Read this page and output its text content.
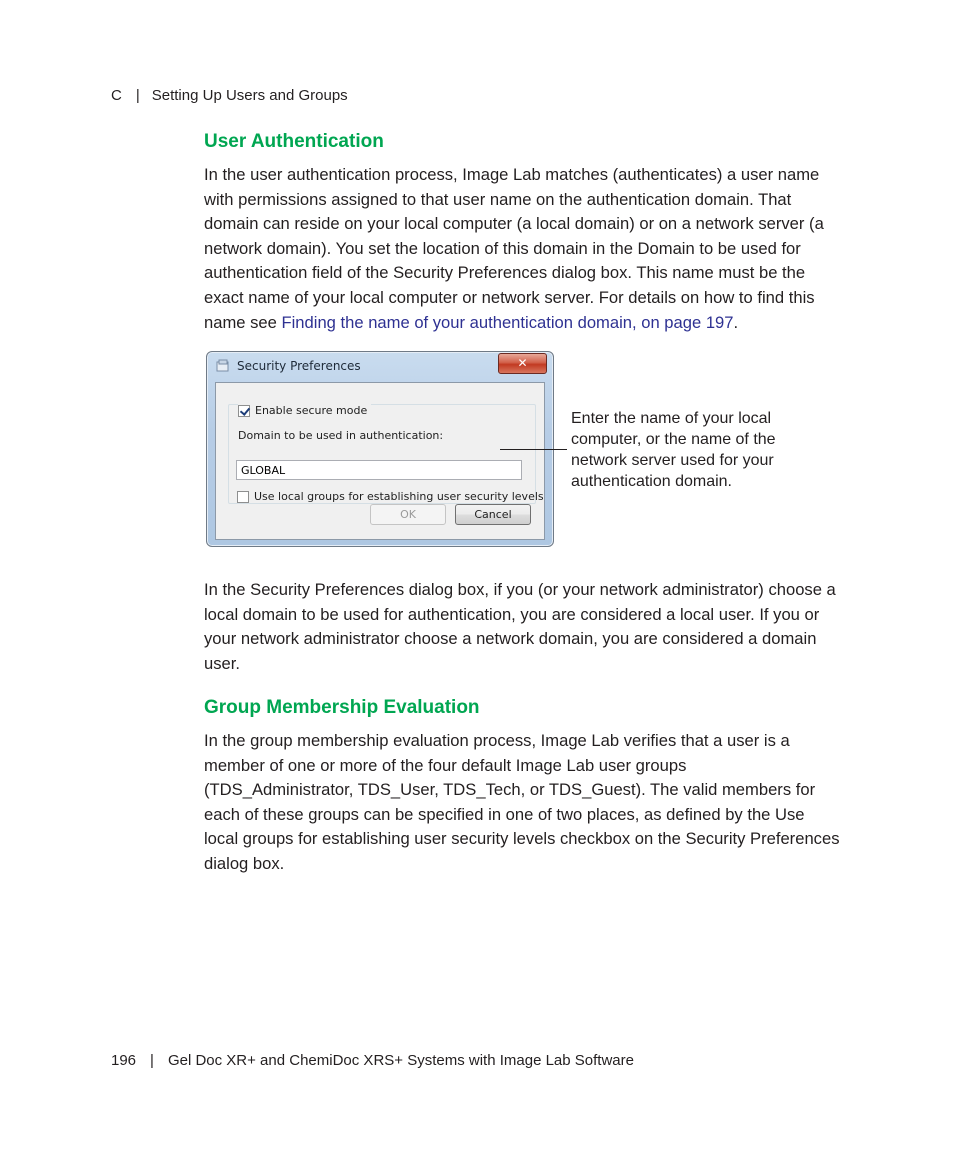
C | Setting Up Users and Groups
User Authentication
In the user authentication process, Image Lab matches (authenticates) a user name with permissions assigned to that user name on the authentication domain. That domain can reside on your local computer (a local domain) or on a network server (a network domain). You set the location of this domain in the Domain to be used for authentication field of the Security Preferences dialog box. This name must be the exact name of your local computer or network server. For details on how to find this name see Finding the name of your authentication domain, on page 197.
Security Preferences	✕
Enable secure mode
Domain to be used in authentication:
GLOBAL
Use local groups for establishing user security levels
OK	Cancel
Enter the name of your local computer, or the name of the network server used for your authentication domain.
In the Security Preferences dialog box, if you (or your network administrator) choose a local domain to be used for authentication, you are considered a local user. If you or your network administrator choose a network domain, you are considered a domain user.
Group Membership Evaluation
In the group membership evaluation process, Image Lab verifies that a user is a member of one or more of the four default Image Lab user groups (TDS_Administrator, TDS_User, TDS_Tech, or TDS_Guest). The valid members for each of these groups can be specified in one of two places, as defined by the Use local groups for establishing user security levels checkbox on the Security Preferences dialog box.
196 | Gel Doc XR+ and ChemiDoc XRS+ Systems with Image Lab Software
